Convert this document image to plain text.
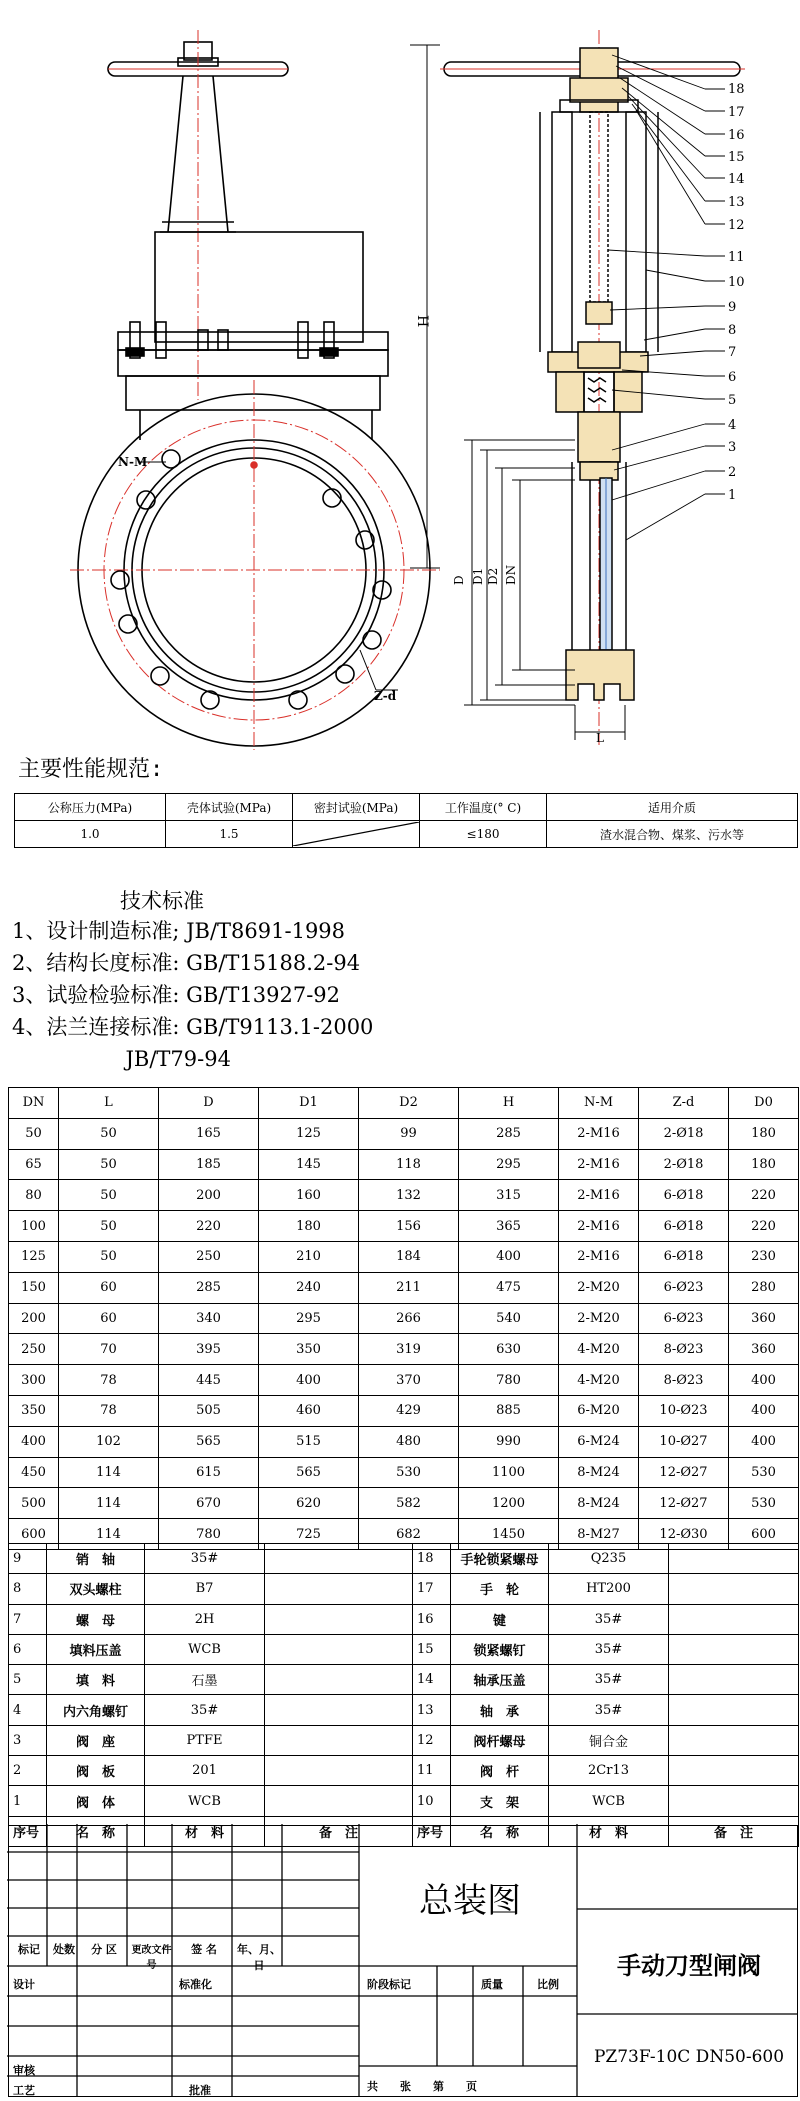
H
N-M
Z-d
D D1 D2 DN
L
18
17
16
15
14
13
12
11
10
9
8
7
6
5
4
3
2
1
主要性能规范:
公称压力(MPa)	壳体试验(MPa)	密封试验(MPa)	工作温度(° C)	适用介质
1.0	1.5		≤180	渣水混合物、煤浆、污水等
技术标准
1、设计制造标准; JB/T8691-1998
2、结构长度标准: GB/T15188.2-94
3、试验检验标准: GB/T13927-92
4、法兰连接标准: GB/T9113.1-2000
JB/T79-94
DN	L	D	D1	D2	H	N-M	Z-d	D0
50	50	165	125	99	285	2-M16	2-Ø18	180
65	50	185	145	118	295	2-M16	2-Ø18	180
80	50	200	160	132	315	2-M16	6-Ø18	220
100	50	220	180	156	365	2-M16	6-Ø18	220
125	50	250	210	184	400	2-M16	6-Ø18	230
150	60	285	240	211	475	2-M20	6-Ø23	280
200	60	340	295	266	540	2-M20	6-Ø23	360
250	70	395	350	319	630	4-M20	8-Ø23	360
300	78	445	400	370	780	4-M20	8-Ø23	400
350	78	505	460	429	885	6-M20	10-Ø23	400
400	102	565	515	480	990	6-M24	10-Ø27	400
450	114	615	565	530	1100	8-M24	12-Ø27	530
500	114	670	620	582	1200	8-M24	12-Ø27	530
600	114	780	725	682	1450	8-M27	12-Ø30	600
9	销　轴	35#		18	手轮锁紧螺母	Q235	
8	双头螺柱	B7		17	手　轮	HT200	
7	螺　母	2H		16	键	35#	
6	填料压盖	WCB		15	锁紧螺钉	35#	
5	填　料	石墨		14	轴承压盖	35#	
4	内六角螺钉	35#		13	轴　承	35#	
3	阀　座	PTFE		12	阀杆螺母	铜合金	
2	阀　板	201		11	阀　杆	2Cr13	
1	阀　体	WCB		10	支　架	WCB	
序号	名　称	材　料	备　注	序号	名　称	材　料	备　注
总装图
手动刀型闸阀
PZ73F-10C DN50-600
标记	处数	分 区	更改文件号
签 名	年、月、日
设计	标准化	阶段标记	质量	比例
审核
工艺	批准	共　　张　　第　　页
